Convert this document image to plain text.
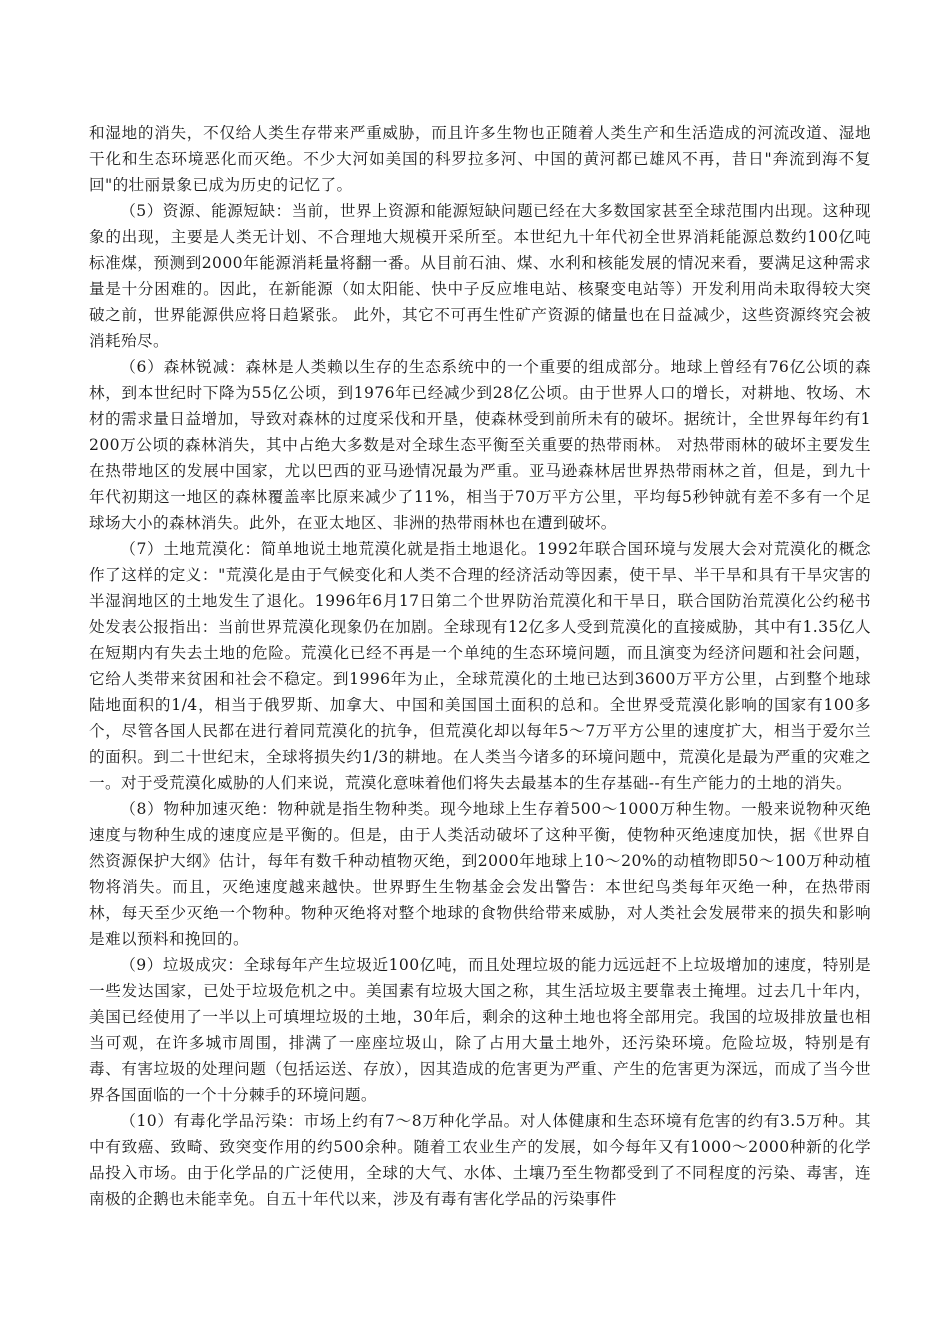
和湿地的消失，不仅给人类生存带来严重威胁，而且许多生物也正随着人类生产和生活造成的河流改道、湿地干化和生态环境恶化而灭绝。不少大河如美国的科罗拉多河、中国的黄河都已雄风不再，昔日"奔流到海不复回"的壮丽景象已成为历史的记忆了。

（5）资源、能源短缺：当前，世界上资源和能源短缺问题已经在大多数国家甚至全球范围内出现。这种现象的出现，主要是人类无计划、不合理地大规模开采所至。本世纪九十年代初全世界消耗能源总数约100亿吨标准煤，预测到2000年能源消耗量将翻一番。从目前石油、煤、水利和核能发展的情况来看，要满足这种需求量是十分困难的。因此，在新能源（如太阳能、快中子反应堆电站、核聚变电站等）开发利用尚未取得较大突破之前，世界能源供应将日趋紧张。 此外，其它不可再生性矿产资源的储量也在日益减少，这些资源终究会被消耗殆尽。

（6）森林锐减：森林是人类赖以生存的生态系统中的一个重要的组成部分。地球上曾经有76亿公顷的森林，到本世纪时下降为55亿公顷，到1976年已经减少到28亿公顷。由于世界人口的增长，对耕地、牧场、木材的需求量日益增加，导致对森林的过度采伐和开垦，使森林受到前所未有的破坏。据统计，全世界每年约有1200万公顷的森林消失，其中占绝大多数是对全球生态平衡至关重要的热带雨林。 对热带雨林的破坏主要发生在热带地区的发展中国家，尤以巴西的亚马逊情况最为严重。亚马逊森林居世界热带雨林之首，但是，到九十年代初期这一地区的森林覆盖率比原来减少了11%，相当于70万平方公里，平均每5秒钟就有差不多有一个足球场大小的森林消失。此外，在亚太地区、非洲的热带雨林也在遭到破坏。

（7）土地荒漠化：简单地说土地荒漠化就是指土地退化。1992年联合国环境与发展大会对荒漠化的概念作了这样的定义："荒漠化是由于气候变化和人类不合理的经济活动等因素，使干旱、半干旱和具有干旱灾害的半湿润地区的土地发生了退化。1996年6月17日第二个世界防治荒漠化和干旱日，联合国防治荒漠化公约秘书处发表公报指出：当前世界荒漠化现象仍在加剧。全球现有12亿多人受到荒漠化的直接威胁，其中有1.35亿人在短期内有失去土地的危险。荒漠化已经不再是一个单纯的生态环境问题，而且演变为经济问题和社会问题，它给人类带来贫困和社会不稳定。到1996年为止，全球荒漠化的土地已达到3600万平方公里，占到整个地球陆地面积的1/4，相当于俄罗斯、加拿大、中国和美国国土面积的总和。全世界受荒漠化影响的国家有100多个，尽管各国人民都在进行着同荒漠化的抗争，但荒漠化却以每年5～7万平方公里的速度扩大，相当于爱尔兰的面积。到二十世纪末，全球将损失约1/3的耕地。在人类当今诸多的环境问题中，荒漠化是最为严重的灾难之一。对于受荒漠化威胁的人们来说，荒漠化意味着他们将失去最基本的生存基础--有生产能力的土地的消失。

（8）物种加速灭绝：物种就是指生物种类。现今地球上生存着500～1000万种生物。一般来说物种灭绝速度与物种生成的速度应是平衡的。但是，由于人类活动破坏了这种平衡，使物种灭绝速度加快，据《世界自然资源保护大纲》估计，每年有数千种动植物灭绝，到2000年地球上10～20%的动植物即50～100万种动植物将消失。而且，灭绝速度越来越快。世界野生生物基金会发出警告：本世纪鸟类每年灭绝一种，在热带雨林，每天至少灭绝一个物种。物种灭绝将对整个地球的食物供给带来威胁，对人类社会发展带来的损失和影响是难以预料和挽回的。

（9）垃圾成灾：全球每年产生垃圾近100亿吨，而且处理垃圾的能力远远赶不上垃圾增加的速度，特别是一些发达国家，已处于垃圾危机之中。美国素有垃圾大国之称，其生活垃圾主要靠表土掩埋。过去几十年内，美国已经使用了一半以上可填埋垃圾的土地，30年后，剩余的这种土地也将全部用完。我国的垃圾排放量也相当可观，在许多城市周围，排满了一座座垃圾山，除了占用大量土地外，还污染环境。危险垃圾，特别是有毒、有害垃圾的处理问题（包括运送、存放），因其造成的危害更为严重、产生的危害更为深远，而成了当今世界各国面临的一个十分棘手的环境问题。

（10）有毒化学品污染：市场上约有7～8万种化学品。对人体健康和生态环境有危害的约有3.5万种。其中有致癌、致畸、致突变作用的约500余种。随着工农业生产的发展，如今每年又有1000～2000种新的化学品投入市场。由于化学品的广泛使用，全球的大气、水体、土壤乃至生物都受到了不同程度的污染、毒害，连南极的企鹅也未能幸免。自五十年代以来，涉及有毒有害化学品的污染事件
